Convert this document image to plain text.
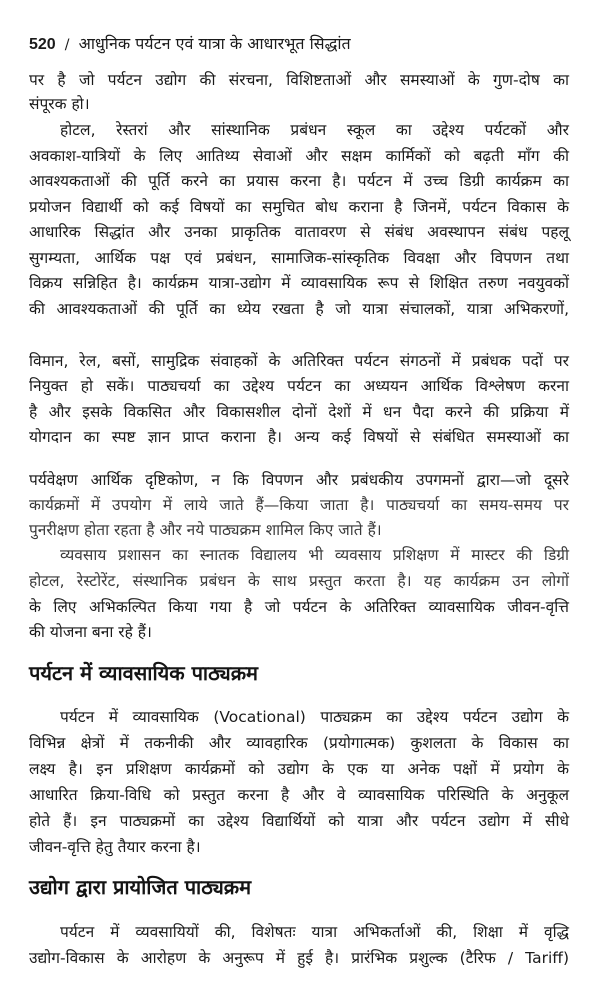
520 / आधुनिक पर्यटन एवं यात्रा के आधारभूत सिद्धांत
पर है जो पर्यटन उद्योग की संरचना, विशिष्टताओं और समस्याओं के गुण-दोष का
संपूरक हो।
होटल, रेस्तरां और सांस्थानिक प्रबंधन स्कूल का उद्देश्य पर्यटकों और
अवकाश-यात्रियों के लिए आतिथ्य सेवाओं और सक्षम कार्मिकों को बढ़ती माँग की
आवश्यकताओं की पूर्ति करने का प्रयास करना है। पर्यटन में उच्च डिग्री कार्यक्रम का
प्रयोजन विद्यार्थी को कई विषयों का समुचित बोध कराना है जिनमें, पर्यटन विकास के
आधारिक सिद्धांत और उनका प्राकृतिक वातावरण से संबंध अवस्थापन संबंध पहलू
सुगम्यता, आर्थिक पक्ष एवं प्रबंधन, सामाजिक-सांस्कृतिक विवक्षा और विपणन तथा
विक्रय सन्निहित है। कार्यक्रम यात्रा-उद्योग में व्यावसायिक रूप से शिक्षित तरुण नवयुवकों
की आवश्यकताओं की पूर्ति का ध्येय रखता है जो यात्रा संचालकों, यात्रा अभिकरणों,
विमान, रेल, बसों, सामुद्रिक संवाहकों के अतिरिक्त पर्यटन संगठनों में प्रबंधक पदों पर
नियुक्त हो सकें। पाठ्यचर्या का उद्देश्य पर्यटन का अध्ययन आर्थिक विश्लेषण करना
है और इसके विकसित और विकासशील दोनों देशों में धन पैदा करने की प्रक्रिया में
योगदान का स्पष्ट ज्ञान प्राप्त कराना है। अन्य कई विषयों से संबंधित समस्याओं का
पर्यवेक्षण आर्थिक दृष्टिकोण, न कि विपणन और प्रबंधकीय उपगमनों द्वारा—जो दूसरे
कार्यक्रमों में उपयोग में लाये जाते हैं—किया जाता है। पाठ्यचर्या का समय-समय पर
पुनरीक्षण होता रहता है और नये पाठ्यक्रम शामिल किए जाते हैं।
व्यवसाय प्रशासन का स्नातक विद्यालय भी व्यवसाय प्रशिक्षण में मास्टर की डिग्री
होटल, रेस्टोरेंट, संस्थानिक प्रबंधन के साथ प्रस्तुत करता है। यह कार्यक्रम उन लोगों
के लिए अभिकल्पित किया गया है जो पर्यटन के अतिरिक्त व्यावसायिक जीवन-वृत्ति
की योजना बना रहे हैं।
पर्यटन में व्यावसायिक पाठ्यक्रम
पर्यटन में व्यावसायिक (Vocational) पाठ्यक्रम का उद्देश्य पर्यटन उद्योग के
विभिन्न क्षेत्रों में तकनीकी और व्यावहारिक (प्रयोगात्मक) कुशलता के विकास का
लक्ष्य है। इन प्रशिक्षण कार्यक्रमों को उद्योग के एक या अनेक पक्षों में प्रयोग के
आधारित क्रिया-विधि को प्रस्तुत करना है और वे व्यावसायिक परिस्थिति के अनुकूल
होते हैं। इन पाठ्यक्रमों का उद्देश्य विद्यार्थियों को यात्रा और पर्यटन उद्योग में सीधे
जीवन-वृत्ति हेतु तैयार करना है।
उद्योग द्वारा प्रायोजित पाठ्यक्रम
पर्यटन में व्यवसायियों की, विशेषतः यात्रा अभिकर्ताओं की, शिक्षा में वृद्धि
उद्योग-विकास के आरोहण के अनुरूप में हुई है। प्रारंभिक प्रशुल्क (टैरिफ / Tariff)
